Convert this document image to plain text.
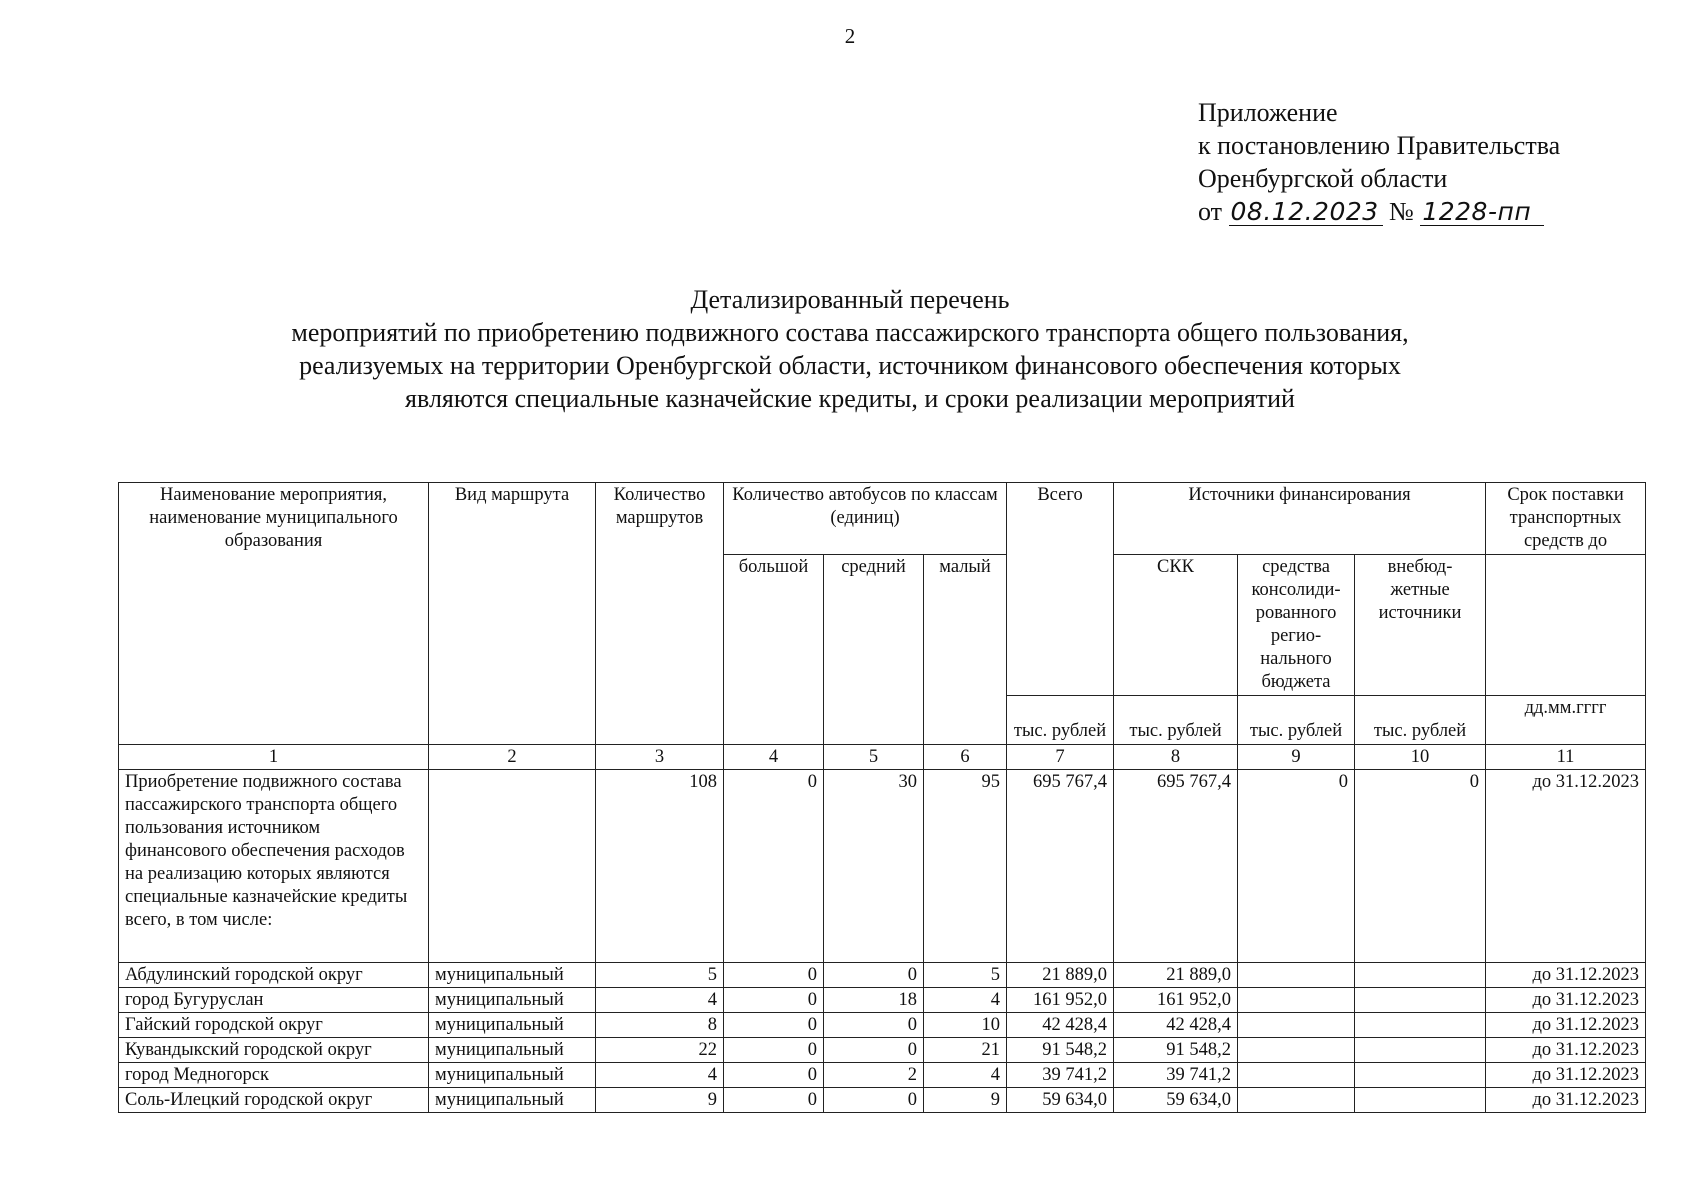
2
Приложение
к постановлению Правительства
Оренбургской области
от 08.12.2023 № 1228-пп
Детализированный перечень
мероприятий по приобретению подвижного состава пассажирского транспорта общего пользования,
реализуемых на территории Оренбургской области, источником финансового обеспечения которых
являются специальные казначейские кредиты, и сроки реализации мероприятий
Наименование мероприятия, наименование муниципального образования	Вид маршрута	Количество маршрутов	Количество автобусов по классам (единиц)			Всего	Источники финансирования			Срок поставки транспортных средств до
			большой	средний	малый		СКК	средства консолиди-рованного регио-нального бюджета	внебюд-жетные источники	
						тыс. рублей	тыс. рублей	тыс. рублей	тыс. рублей	дд.мм.гггг
1	2	3	4	5	6	7	8	9	10	11
Приобретение подвижного состава пассажирского транспорта общего пользования источником финансового обеспечения расходов на реализацию которых являются специальные казначейские кредиты всего, в том числе:		108	0	30	95	695 767,4	695 767,4	0	0	до 31.12.2023
Абдулинский городской округ	муниципальный	5	0	0	5	21 889,0	21 889,0			до 31.12.2023
город Бугуруслан	муниципальный	4	0	18	4	161 952,0	161 952,0			до 31.12.2023
Гайский городской округ	муниципальный	8	0	0	10	42 428,4	42 428,4			до 31.12.2023
Кувандыкский городской округ	муниципальный	22	0	0	21	91 548,2	91 548,2			до 31.12.2023
город Медногорск	муниципальный	4	0	2	4	39 741,2	39 741,2			до 31.12.2023
Соль-Илецкий городской округ	муниципальный	9	0	0	9	59 634,0	59 634,0			до 31.12.2023
